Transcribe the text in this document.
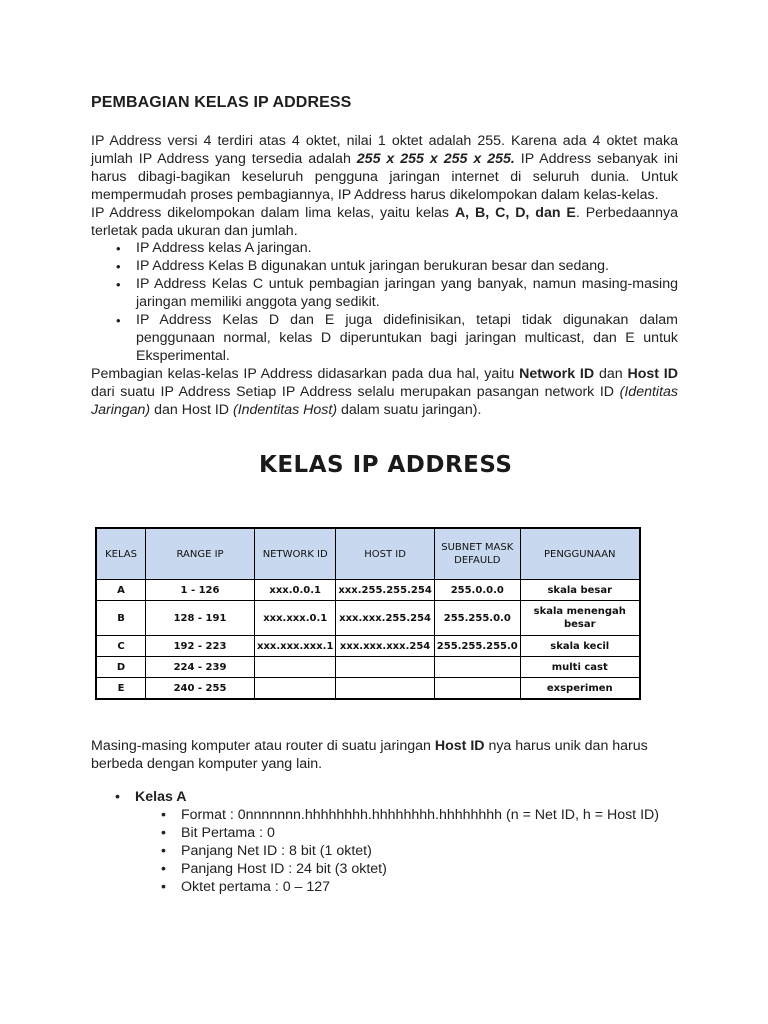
PEMBAGIAN KELAS IP ADDRESS

IP Address versi 4 terdiri atas 4 oktet, nilai 1 oktet adalah 255. Karena ada 4 oktet maka jumlah IP Address yang tersedia adalah 255 x 255 x 255 x 255. IP Address sebanyak ini harus dibagi-bagikan keseluruh pengguna jaringan internet di seluruh dunia. Untuk mempermudah proses pembagiannya, IP Address harus dikelompokan dalam kelas-kelas.

IP Address dikelompokan dalam lima kelas, yaitu kelas A, B, C, D, dan E. Perbedaannya terletak pada ukuran dan jumlah.

• IP Address kelas A jaringan.
• IP Address Kelas B digunakan untuk jaringan berukuran besar dan sedang.
• IP Address Kelas C untuk pembagian jaringan yang banyak, namun masing-masing jaringan memiliki anggota yang sedikit.
• IP Address Kelas D dan E juga didefinisikan, tetapi tidak digunakan dalam penggunaan normal, kelas D diperuntukan bagi jaringan multicast, dan E untuk Eksperimental.

Pembagian kelas-kelas IP Address didasarkan pada dua hal, yaitu Network ID dan Host ID dari suatu IP Address Setiap IP Address selalu merupakan pasangan network ID (Identitas Jaringan) dan Host ID (Indentitas Host) dalam suatu jaringan).

KELAS IP ADDRESS
KELAS	RANGE IP	NETWORK ID	HOST ID	SUBNET MASK DEFAULD	PENGGUNAAN
A	1 - 126	xxx.0.0.1	xxx.255.255.254	255.0.0.0	skala besar
B	128 - 191	xxx.xxx.0.1	xxx.xxx.255.254	255.255.0.0	skala menengah besar
C	192 - 223	xxx.xxx.xxx.1	xxx.xxx.xxx.254	255.255.255.0	skala kecil
D	224 - 239				multi cast
E	240 - 255				exsperimen
Masing-masing komputer atau router di suatu jaringan Host ID nya harus unik dan harus berbeda dengan komputer yang lain.
• Kelas A
• Format : 0nnnnnnn.hhhhhhhh.hhhhhhhh.hhhhhhhh (n = Net ID, h = Host ID)
• Bit Pertama : 0
• Panjang Net ID : 8 bit (1 oktet)
• Panjang Host ID : 24 bit (3 oktet)
• Oktet pertama : 0 – 127
